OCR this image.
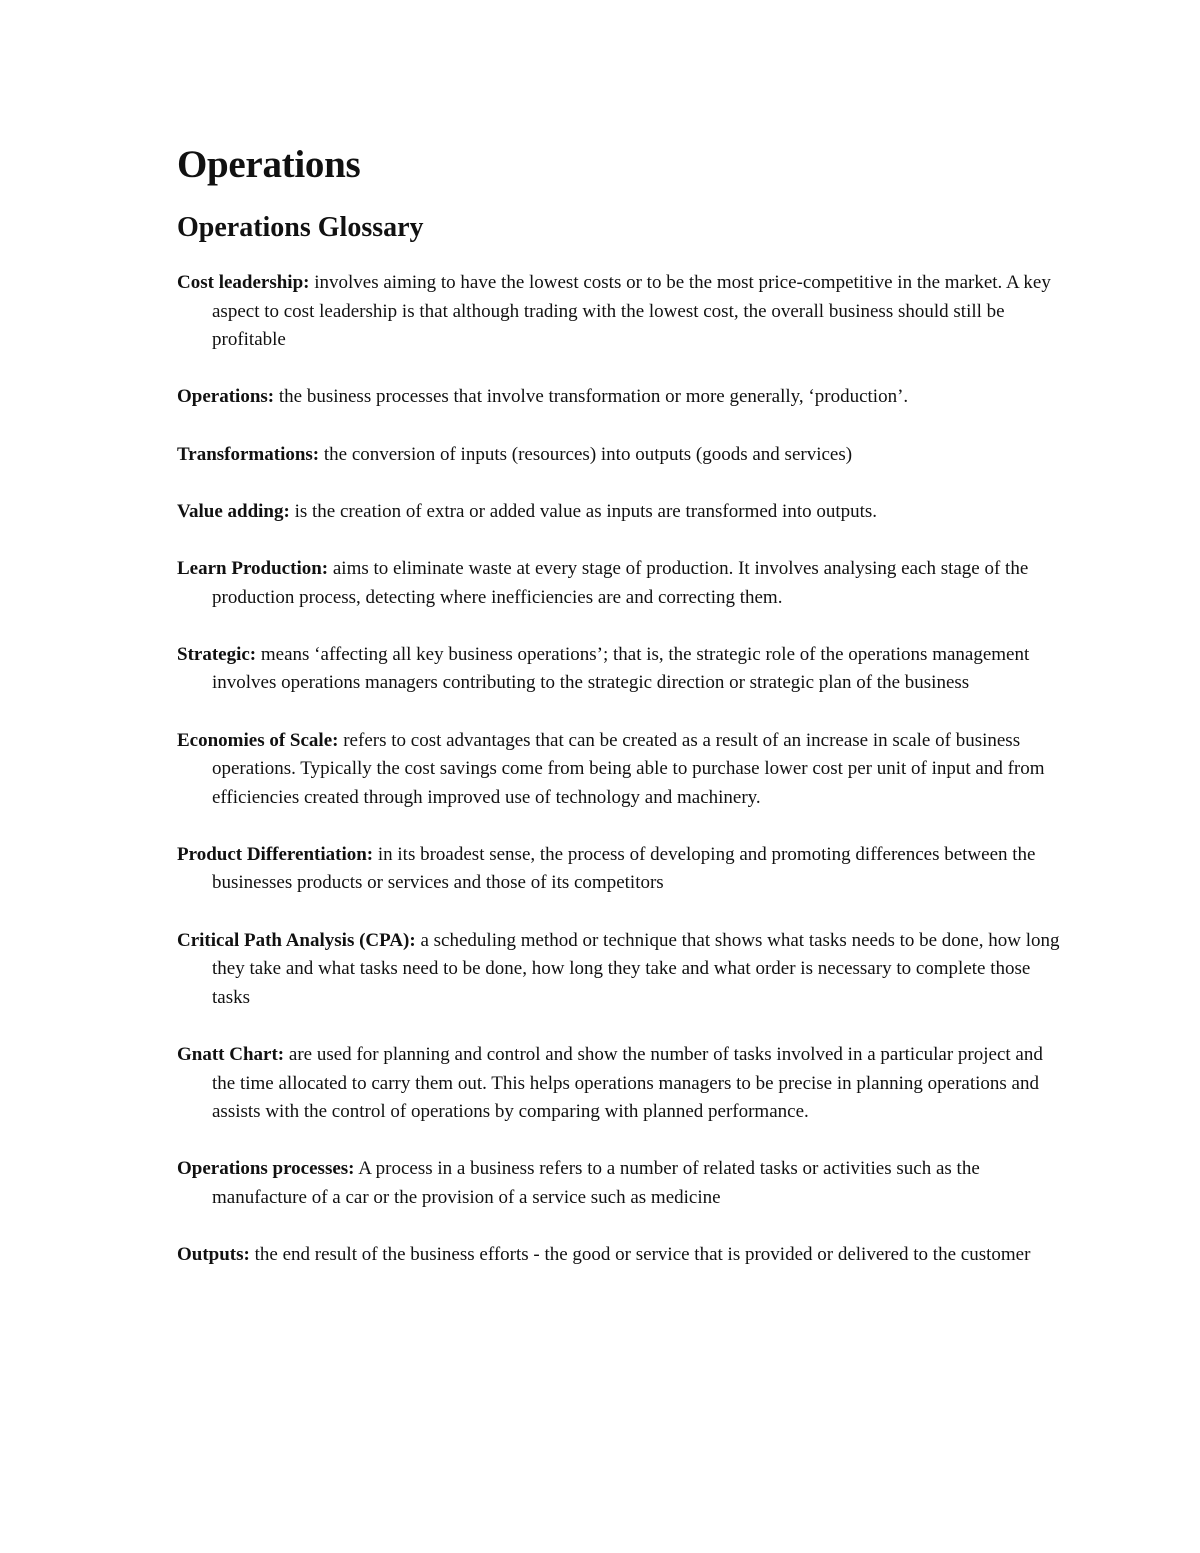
Operations
Operations Glossary

Cost leadership: involves aiming to have the lowest costs or to be the most price-competitive in the market. A key aspect to cost leadership is that although trading with the lowest cost, the overall business should still be profitable

Operations: the business processes that involve transformation or more generally, ‘production’.

Transformations: the conversion of inputs (resources) into outputs (goods and services)

Value adding: is the creation of extra or added value as inputs are transformed into outputs.

Learn Production: aims to eliminate waste at every stage of production. It involves analysing each stage of the production process, detecting where inefficiencies are and correcting them.

Strategic: means ‘affecting all key business operations’; that is, the strategic role of the operations management involves operations managers contributing to the strategic direction or strategic plan of the business

Economies of Scale: refers to cost advantages that can be created as a result of an increase in scale of business operations. Typically the cost savings come from being able to purchase lower cost per unit of input and from efficiencies created through improved use of technology and machinery.

Product Differentiation: in its broadest sense, the process of developing and promoting differences between the businesses products or services and those of its competitors

Critical Path Analysis (CPA): a scheduling method or technique that shows what tasks needs to be done, how long they take and what tasks need to be done, how long they take and what order is necessary to complete those tasks

Gnatt Chart: are used for planning and control and show the number of tasks involved in a particular project and the time allocated to carry them out. This helps operations managers to be precise in planning operations and assists with the control of operations by comparing with planned performance.

Operations processes: A process in a business refers to a number of related tasks or activities such as the manufacture of a car or the provision of a service such as medicine

Outputs: the end result of the business efforts - the good or service that is provided or delivered to the customer
